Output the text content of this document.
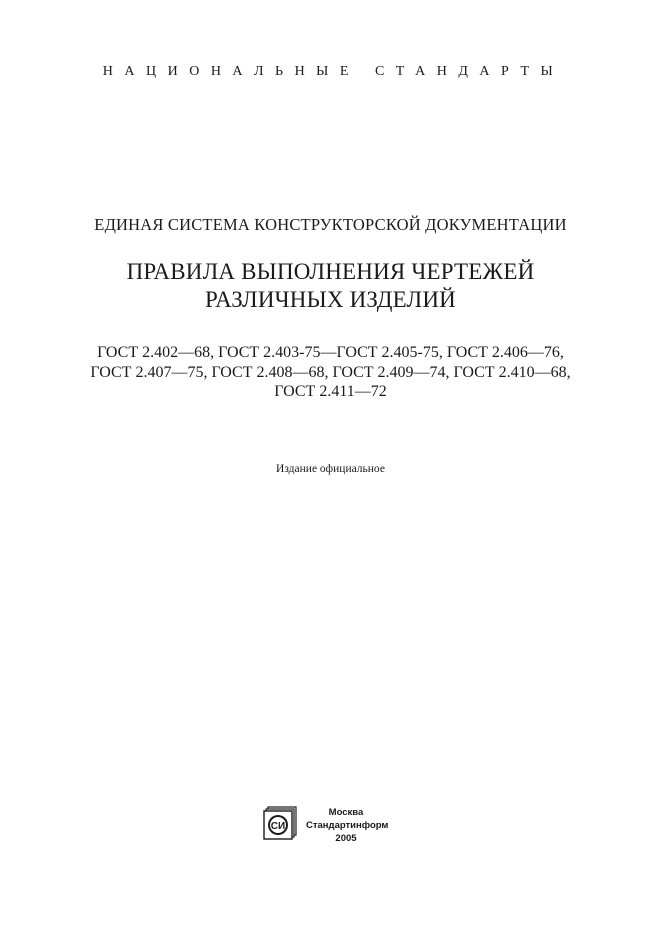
НАЦИОНАЛЬНЫЕ СТАНДАРТЫ
ЕДИНАЯ СИСТЕМА КОНСТРУКТОРСКОЙ ДОКУМЕНТАЦИИ
ПРАВИЛА ВЫПОЛНЕНИЯ ЧЕРТЕЖЕЙ
РАЗЛИЧНЫХ ИЗДЕЛИЙ
ГОСТ 2.402—68, ГОСТ 2.403-75—ГОСТ 2.405-75, ГОСТ 2.406—76,
ГОСТ 2.407—75, ГОСТ 2.408—68, ГОСТ 2.409—74, ГОСТ 2.410—68,
ГОСТ 2.411—72
Издание официальное
СИ
Москва
Стандартинформ
2005
